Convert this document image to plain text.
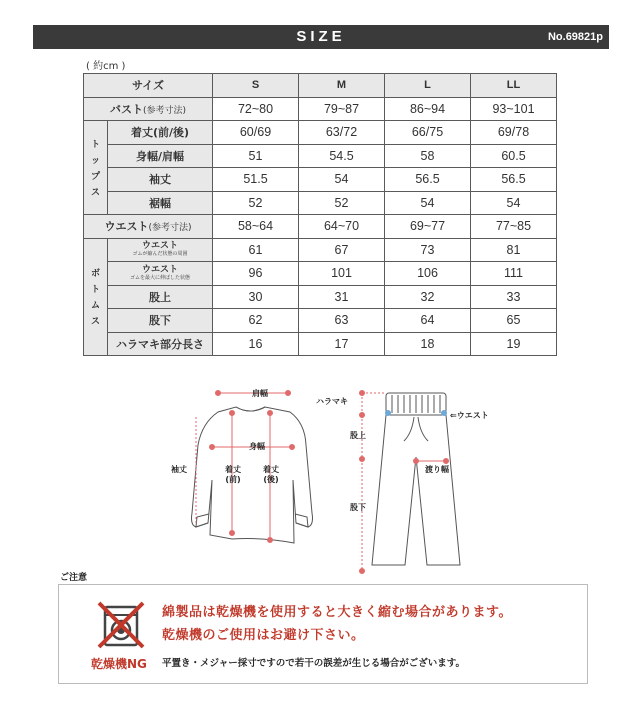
SIZE	No.69821p
( 約cm )
サイズ		S	M	L	LL
バスト(参考寸法)		72~80	79~87	86~94	93~101

ト
ッ
プ
ス	着丈(前/後)	60/69	63/72	66/75	69/78
	身幅/肩幅	51	54.5	58	60.5
	袖丈	51.5	54	56.5	56.5
	裾幅	52	52	54	54
ウエスト(参考寸法)		58~64	64~70	69~77	77~85

ボ
ト
ム
ス	ウエスト
ゴムが縮んだ状態の周囲	61	67	73	81

	ウエスト
ゴムを最大に伸ばした状態	96	101	106	111
	股上	30	31	32	33
	股下	62	63	64	65
	ハラマキ部分長さ	16	17	18	19
肩幅
身幅
袖丈	着丈
(前)
着丈
(後)
ハラマキ
⇐ウエスト
股上
渡り幅
股下
ご注意
乾燥機NG
綿製品は乾燥機を使用すると大きく縮む場合があります。
乾燥機のご使用はお避け下さい。
平置き・メジャー採寸ですので若干の誤差が生じる場合がございます。
